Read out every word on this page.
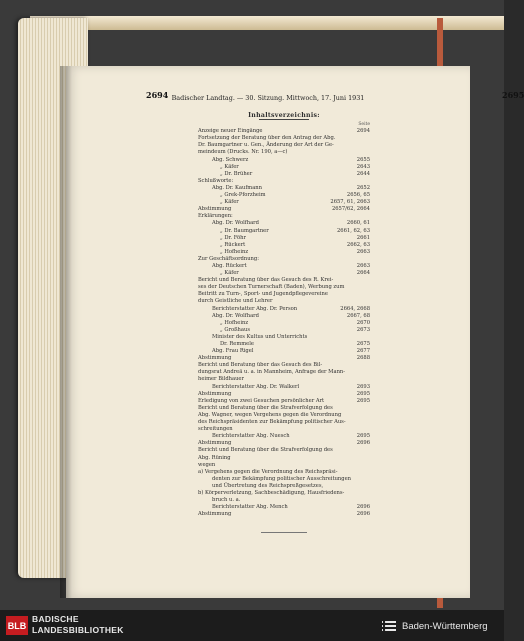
2694 Badischer Landtag. — 30. Sitzung. Mittwoch, 17. Juni 1931	2695
Inhaltsverzeichnis:
Seite
Anzeige neuer Eingänge	2694
Fortsetzung der Beratung über den Antrag der Abg.
Dr. Baumgartner u. Gen., Änderung der Art der Ge-
meindeum (Drucks. Nr. 190, a—c)
Abg. Schwerz	2655
„ Käfer	2643
„ Dr. Brüher	2644
Schlußworte:
Abg. Dr. Kaufmann	2652
„ Grek-Pforzheim	2656, 65
„ Käfer	2657, 61, 2663
Abstimmung	2657/62, 2664
Erklärungen:
Abg. Dr. Wolfhard	2660, 61
„ Dr. Baumgartner	2661, 62, 63
„ Dr. Föhr	2661
„ Rückert	2662, 63
„ Hofheinz	2663
Zur Geschäftsordnung:
Abg. Rückert	2663
„ Käfer	2664
Bericht und Beratung über das Gesuch des R. Krei-
ses der Deutschen Turnerschaft (Baden), Werbung zum
Beitritt zu Turn-, Sport- und Jugendpflegevereine
durch Geistliche und Lehrer
Berichterstatter Abg. Dr. Person	2664, 2668
Abg. Dr. Wolfhard	2667, 68
„ Hofheinz	2670
„ Großhaus	2673
Minister des Kultus und Unterrichts
Dr. Remmele	2675
Abg. Frau Rigel	2677
Abstimmung	2688
Bericht und Beratung über das Gesuch des Bil-
dungsrat Andreä u. a. in Mannheim, Anfrage der Mann-
heimer Bildhauer
Berichterstatter Abg. Dr. Walkerl	2693
Abstimmung	2695
Erledigung von zwei Gesuchen persönlicher Art	2695
Bericht und Beratung über die Strafverfolgung des
Abg. Wagner, wegen Vergehens gegen die Verordnung
des Reichspräsidenten zur Bekämpfung politischer Aus-
schreitungen
Berichterstatter Abg. Nuesch	2695
Abstimmung	2696
Bericht und Beratung über die Strafverfolgung des
Abg. Rüning
wegen
a) Vergehens gegen die Verordnung des Reichspräsi-
denten zur Bekämpfung politischer Ausschreitungen
und Übertretung des Reichspreßgesetzes,
b) Körperverletzung, Sachbeschädigung, Hausfriedens-
bruch u. a.
Berichterstatter Abg. Mench	2696
Abstimmung	2696
BLB
BADISCHE
LANDESBIBLIOTHEK	Baden-Württemberg
